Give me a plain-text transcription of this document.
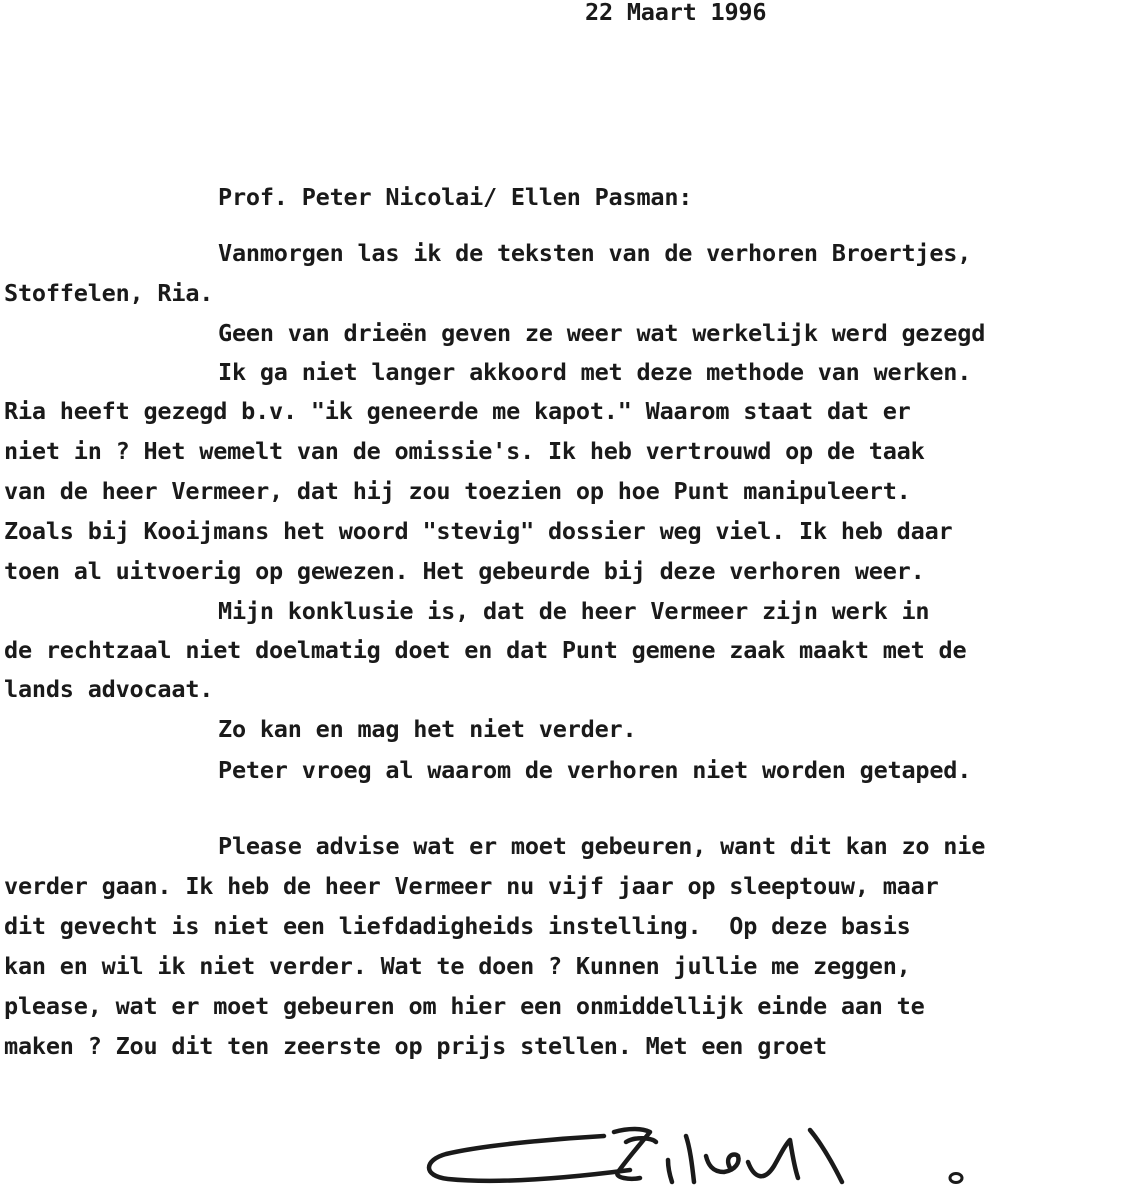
22 Maart 1996
Prof. Peter Nicolai/ Ellen Pasman:
Vanmorgen las ik de teksten van de verhoren Broertjes,
Stoffelen, Ria.
Geen van drieën geven ze weer wat werkelijk werd gezegd
Ik ga niet langer akkoord met deze methode van werken.
Ria heeft gezegd b.v. "ik geneerde me kapot." Waarom staat dat er
niet in ? Het wemelt van de omissie's. Ik heb vertrouwd op de taak
van de heer Vermeer, dat hij zou toezien op hoe Punt manipuleert.
Zoals bij Kooijmans het woord "stevig" dossier weg viel. Ik heb daar
toen al uitvoerig op gewezen. Het gebeurde bij deze verhoren weer.
Mijn konklusie is, dat de heer Vermeer zijn werk in
de rechtzaal niet doelmatig doet en dat Punt gemene zaak maakt met de
lands advocaat.
Zo kan en mag het niet verder.
Peter vroeg al waarom de verhoren niet worden getaped.
Please advise wat er moet gebeuren, want dit kan zo nie
verder gaan. Ik heb de heer Vermeer nu vijf jaar op sleeptouw, maar
dit gevecht is niet een liefdadigheids instelling.  Op deze basis
kan en wil ik niet verder. Wat te doen ? Kunnen jullie me zeggen,
please, wat er moet gebeuren om hier een onmiddellijk einde aan te
maken ? Zou dit ten zeerste op prijs stellen. Met een groet
